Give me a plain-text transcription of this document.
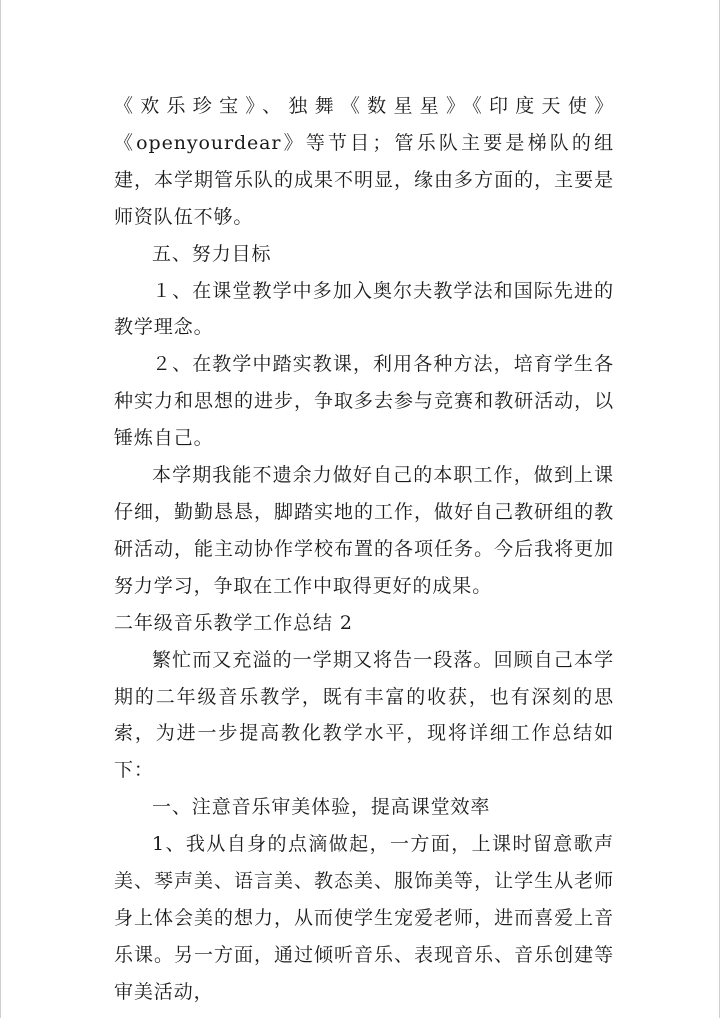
《欢乐珍宝》、独舞《数星星》《印度天使》《openyourdear》等节目；管乐队主要是梯队的组建，本学期管乐队的成果不明显，缘由多方面的，主要是师资队伍不够。

五、努力目标

１、在课堂教学中多加入奥尔夫教学法和国际先进的教学理念。

２、在教学中踏实教课，利用各种方法，培育学生各种实力和思想的进步，争取多去参与竞赛和教研活动，以锤炼自己。

本学期我能不遗余力做好自己的本职工作，做到上课仔细，勤勤恳恳，脚踏实地的工作，做好自己教研组的教研活动，能主动协作学校布置的各项任务。今后我将更加努力学习，争取在工作中取得更好的成果。

二年级音乐教学工作总结 2

繁忙而又充溢的一学期又将告一段落。回顾自己本学期的二年级音乐教学，既有丰富的收获，也有深刻的思索，为进一步提高教化教学水平，现将详细工作总结如下：

一、注意音乐审美体验，提高课堂效率

1、我从自身的点滴做起，一方面，上课时留意歌声美、琴声美、语言美、教态美、服饰美等，让学生从老师身上体会美的想力，从而使学生宠爱老师，进而喜爱上音乐课。另一方面，通过倾听音乐、表现音乐、音乐创建等审美活动，
